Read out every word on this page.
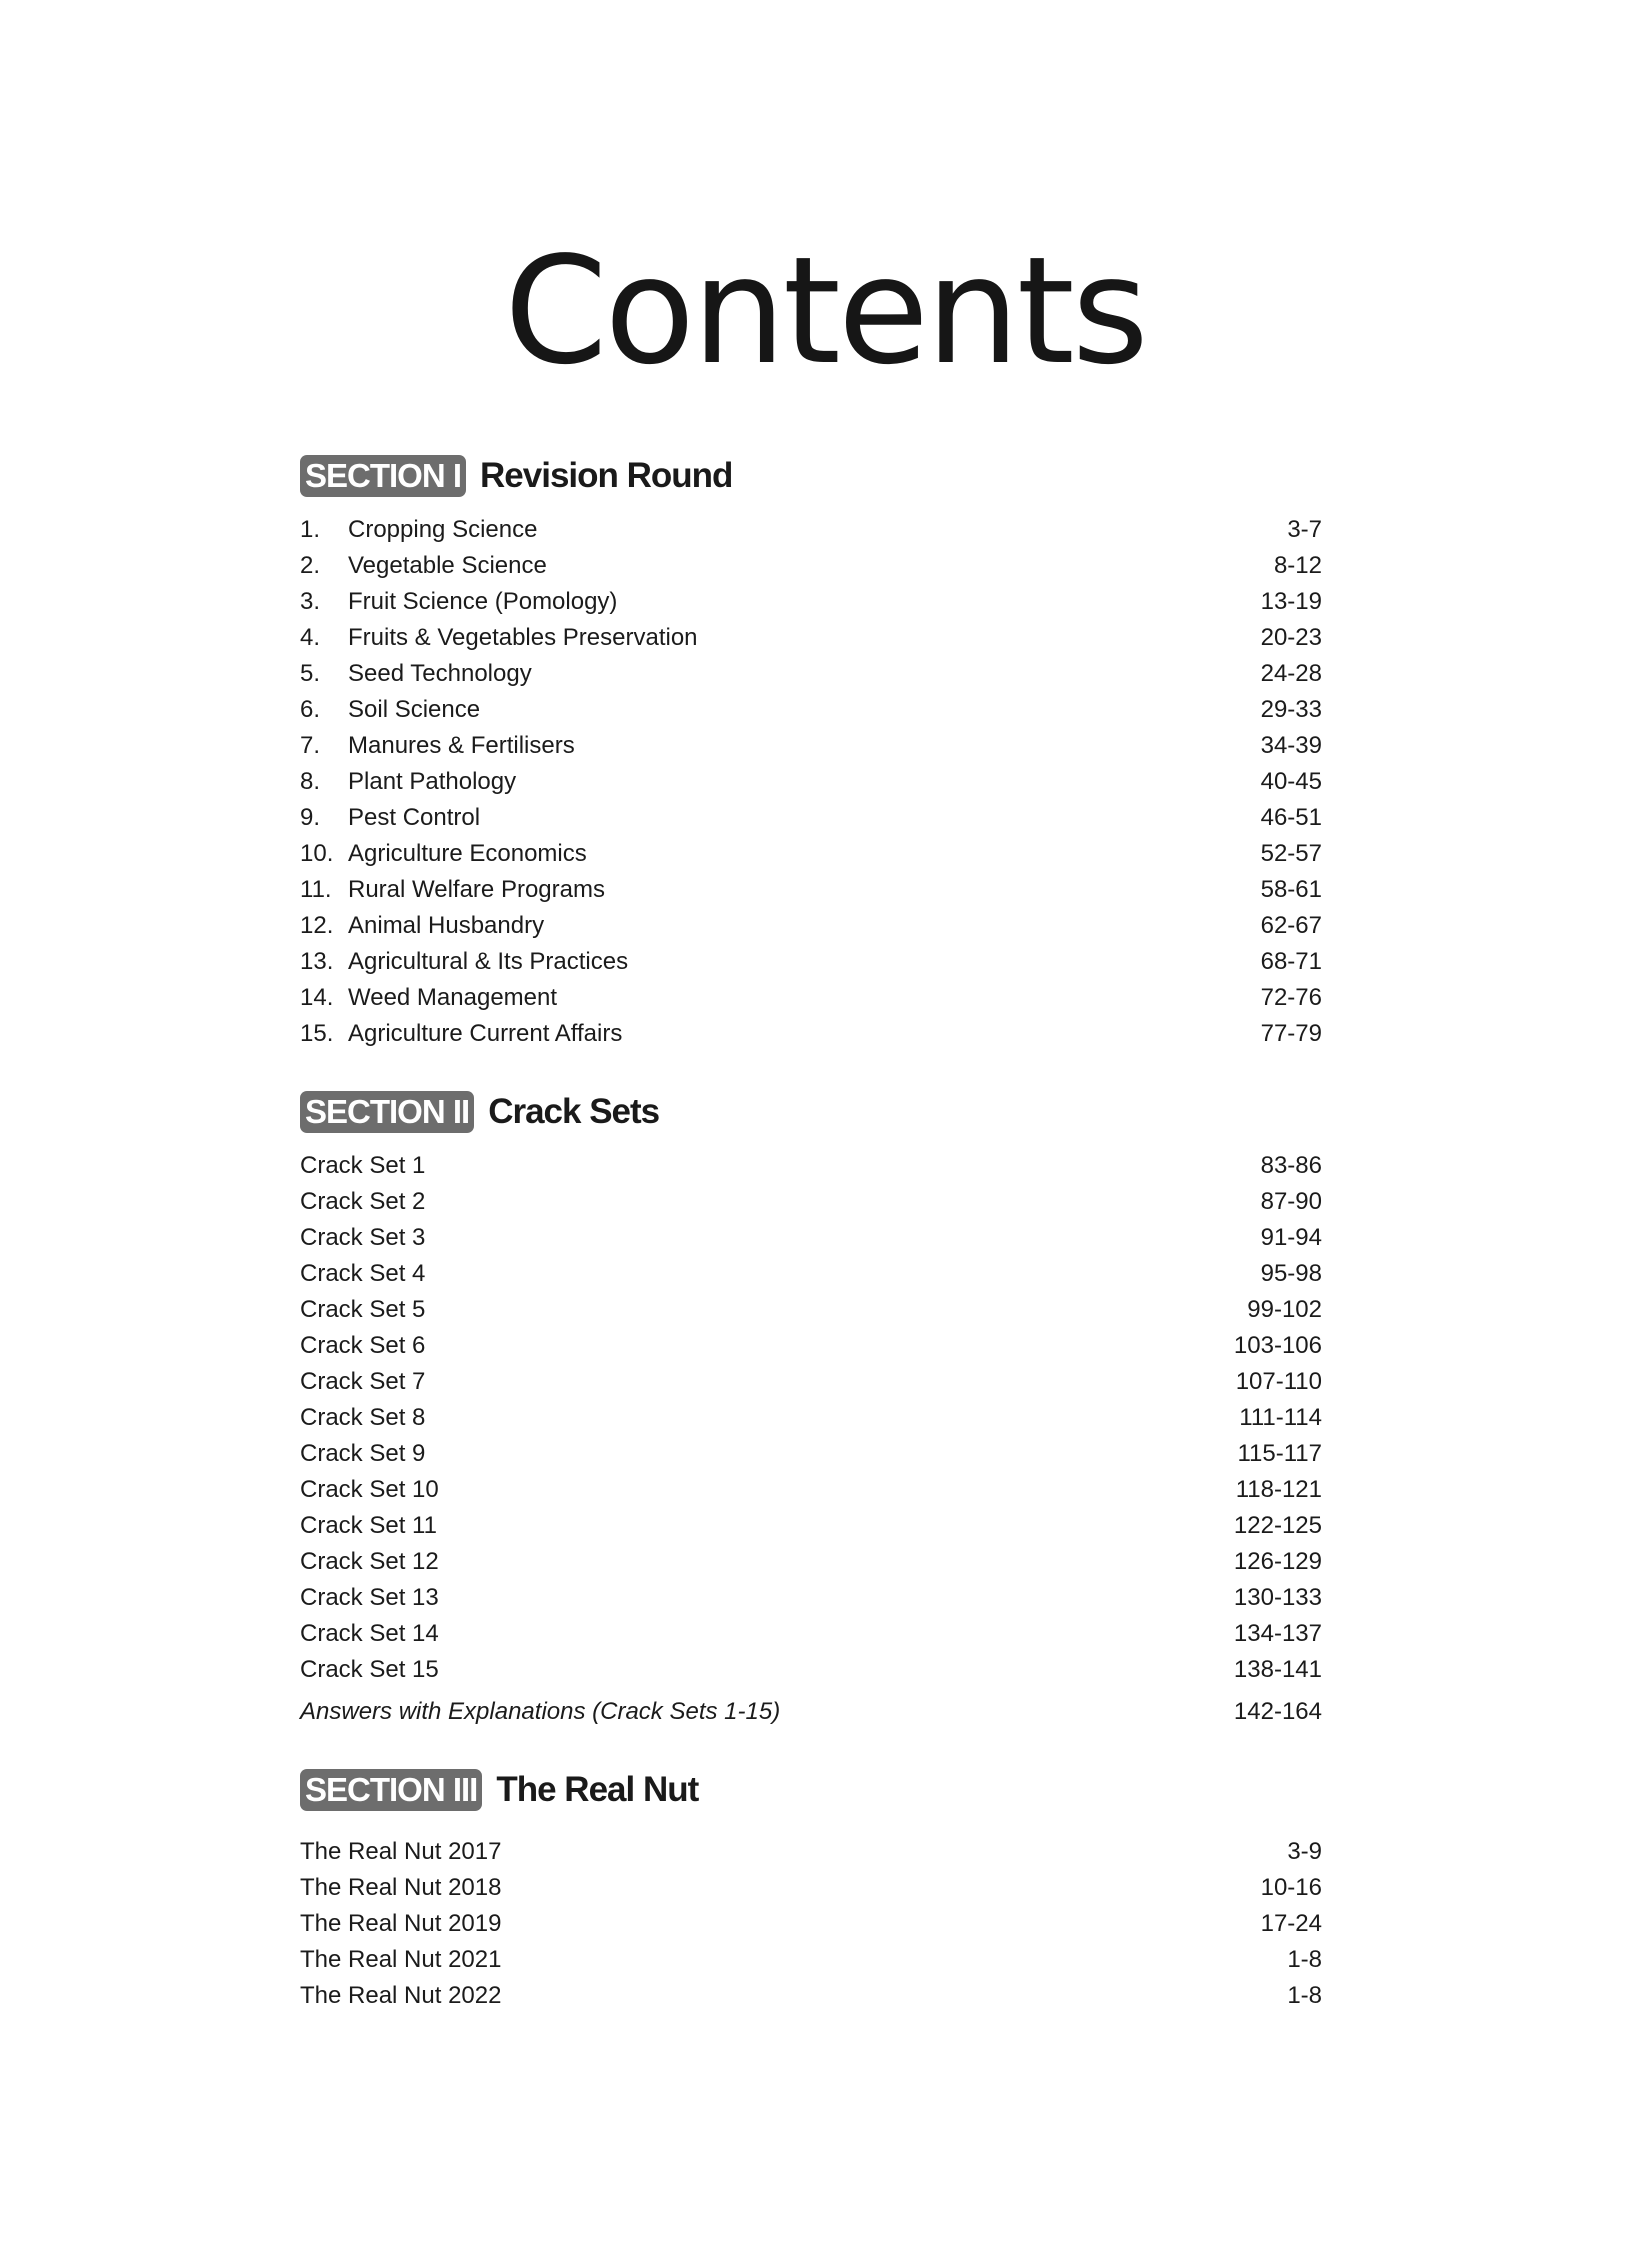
Contents
SECTION I Revision Round
1.	Cropping Science	3-7
2.	Vegetable Science	8-12
3.	Fruit Science (Pomology)	13-19
4.	Fruits & Vegetables Preservation	20-23
5.	Seed Technology	24-28
6.	Soil Science	29-33
7.	Manures & Fertilisers	34-39
8.	Plant Pathology	40-45
9.	Pest Control	46-51
10. Agriculture Economics	52-57
11. Rural Welfare Programs	58-61
12. Animal Husbandry	62-67
13. Agricultural & Its Practices	68-71
14. Weed Management	72-76
15. Agriculture Current Affairs	77-79
SECTION II Crack Sets
Crack Set 1	83-86
Crack Set 2	87-90
Crack Set 3	91-94
Crack Set 4	95-98
Crack Set 5	99-102
Crack Set 6	103-106
Crack Set 7	107-110
Crack Set 8	111-114
Crack Set 9	115-117
Crack Set 10	118-121
Crack Set 11	122-125
Crack Set 12	126-129
Crack Set 13	130-133
Crack Set 14	134-137
Crack Set 15	138-141
Answers with Explanations (Crack Sets 1-15)	142-164
SECTION III The Real Nut
The Real Nut 2017	3-9
The Real Nut 2018	10-16
The Real Nut 2019	17-24
The Real Nut 2021	1-8
The Real Nut 2022	1-8
